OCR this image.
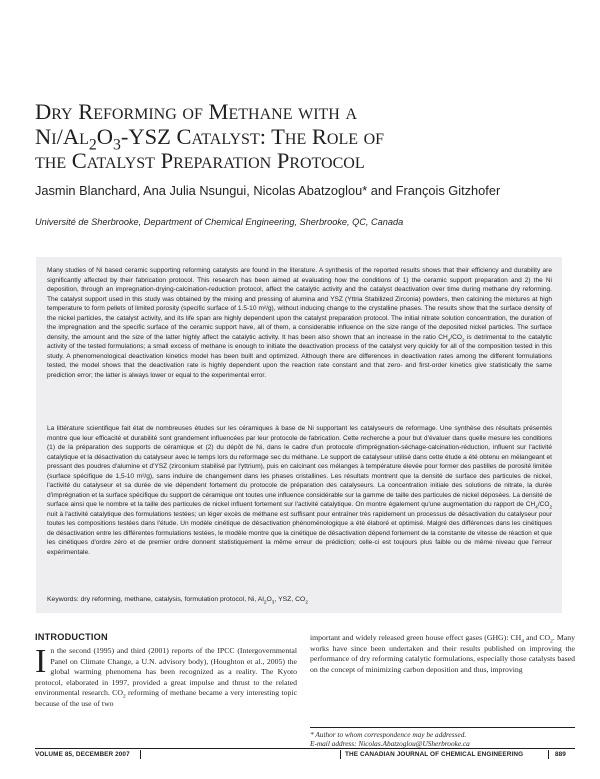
Dry Reforming of Methane with a
$Ni/Al_2O_3$-YSZ Catalyst: The Role of
the Catalyst Preparation Protocol
Jasmin Blanchard, Ana Julia Nsungui, Nicolas Abatzoglou* and François Gitzhofer
Université de Sherbrooke, Department of Chemical Engineering, Sherbrooke, QC, Canada

Many studies of Ni based ceramic supporting reforming catalysts are found in the literature. A synthesis of the reported results shows that their efficiency and durability are significantly affected by their fabrication protocol. This research has been aimed at evaluating how the conditions of 1) the ceramic support preparation and 2) the Ni deposition, through an impregnation-drying-calcination-reduction protocol, affect the catalytic activity and the catalyst deactivation over time during methane dry reforming. The catalyst support used in this study was obtained by the mixing and pressing of alumina and YSZ (Yttria Stabilized Zirconia) powders, then calcining the mixtures at high temperature to form pellets of limited porosity (specific surface of 1.5-10 m²/g), without inducing change to the crystalline phases. The results show that the surface density of the nickel particles, the catalyst activity, and its life span are highly dependent upon the catalyst preparation protocol. The initial nitrate solution concentration, the duration of the impregnation and the specific surface of the ceramic support have, all of them, a considerable influence on the size range of the deposited nickel particles. The surface density, the amount and the size of the latter highly affect the catalytic activity. It has been also shown that an increase in the ratio $CH_4/CO_2$ is detrimental to the catalytic activity of the tested formulations; a small excess of methane is enough to initiate the deactivation process of the catalyst very quickly for all of the composition tested in this study. A phenomenological deactivation kinetics model has been built and optimized. Although there are differences in deactivation rates among the different formulations tested, the model shows that the deactivation rate is highly dependent upon the reaction rate constant and that zero- and first-order kinetics give statistically the same prediction error; the latter is always lower or equal to the experimental error.

La littérature scientifique fait état de nombreuses études sur les céramiques à base de Ni supportant les catalyseurs de reformage. Une synthèse des résultats présentés montre que leur efficacité et durabilité sont grandement influencées par leur protocole de fabrication. Cette recherche a pour but d'évaluer dans quelle mesure les conditions (1) de la préparation des supports de céramique et (2) du dépôt de Ni, dans le cadre d'un protocole d'imprégnation-séchage-calcination-réduction, influent sur l'activité catalytique et la désactivation du catalyseur avec le temps lors du reformage sec du méthane. Le support de catalyseur utilisé dans cette étude a été obtenu en mélangeant et pressant des poudres d'alumine et d'YSZ (zirconium stabilisé par l'yttrium), puis en calcinant ces mélanges à température élevée pour former des pastilles de porosité limitée (surface spécifique de 1,5-10 m²/g), sans induire de changement dans les phases cristallines. Les résultats montrent que la densité de surface des particules de nickel, l'activité du catalyseur et sa durée de vie dépendent fortement du protocole de préparation des catalyseurs. La concentration initiale des solutions de nitrate, la durée d'imprégnation et la surface spécifique du support de céramique ont toutes une influence considérable sur la gamme de taille des particules de nickel déposées. La densité de surface ainsi que le nombre et la taille des particules de nickel influent fortement sur l'activité catalytique. On montre également qu'une augmentation du rapport de $CH_4/CO_2$ nuit à l'activité catalytique des formulations testées; un léger excès de méthane est suffisant pour entraîner très rapidement un processus de désactivation du catalyseur pour toutes les compositions testées dans l'étude. Un modèle cinétique de désactivation phénoménologique a été élaboré et optimisé. Malgré des différences dans les cinétiques de désactivation entre les différentes formulations testées, le modèle montre que la cinétique de désactivation dépend fortement de la constante de vitesse de réaction et que les cinétiques d'ordre zéro et de premier ordre donnent statistiquement la même erreur de prédiction; celle-ci est toujours plus faible ou de même niveau que l'erreur expérimentale.

Keywords: dry reforming, methane, catalysis, formulation protocol, Ni, $Al_2O_3$, YSZ, $CO_2$
INTRODUCTION

In the second (1995) and third (2001) reports of the IPCC (Intergovernmental Panel on Climate Change, a U.N. advisory body), (Houghton et al., 2005) the global warming phenomena has been recognized as a reality. The Kyoto protocol, elaborated in 1997, provided a great impulse and thrust to the related environmental research. $CO_2$ reforming of methane became a very interesting topic because of the use of two

important and widely released green house effect gases (GHG): $CH_4$ and $CO_2$. Many works have since been undertaken and their results published on improving the performance of dry reforming catalytic formulations, especially those catalysts based on the concept of minimizing carbon deposition and thus, improving

* Author to whom correspondence may be addressed.
E-mail address: Nicolas.Abatzoglou@USherbrooke.ca
VOLUME 85, DECEMBER 2007	THE CANADIAN JOURNAL OF CHEMICAL ENGINEERING	889
